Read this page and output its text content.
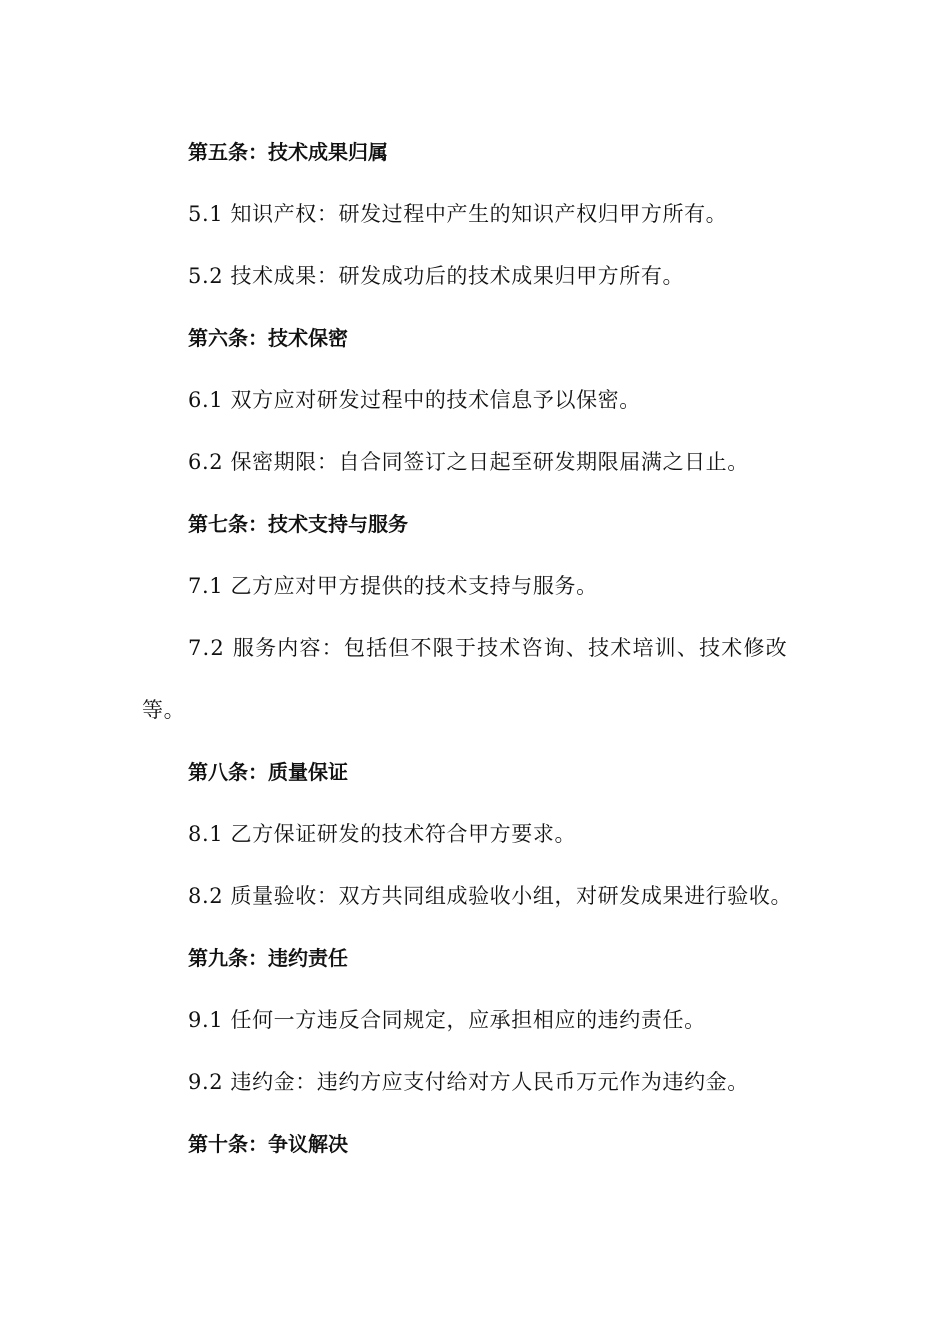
第五条：技术成果归属
5.1 知识产权：研发过程中产生的知识产权归甲方所有。
5.2 技术成果：研发成功后的技术成果归甲方所有。
第六条：技术保密
6.1 双方应对研发过程中的技术信息予以保密。
6.2 保密期限：自合同签订之日起至研发期限届满之日止。
第七条：技术支持与服务
7.1 乙方应对甲方提供的技术支持与服务。
7.2 服务内容：包括但不限于技术咨询、技术培训、技术修改
等。
第八条：质量保证
8.1 乙方保证研发的技术符合甲方要求。
8.2 质量验收：双方共同组成验收小组，对研发成果进行验收。
第九条：违约责任
9.1 任何一方违反合同规定，应承担相应的违约责任。
9.2 违约金：违约方应支付给对方人民币万元作为违约金。
第十条：争议解决
